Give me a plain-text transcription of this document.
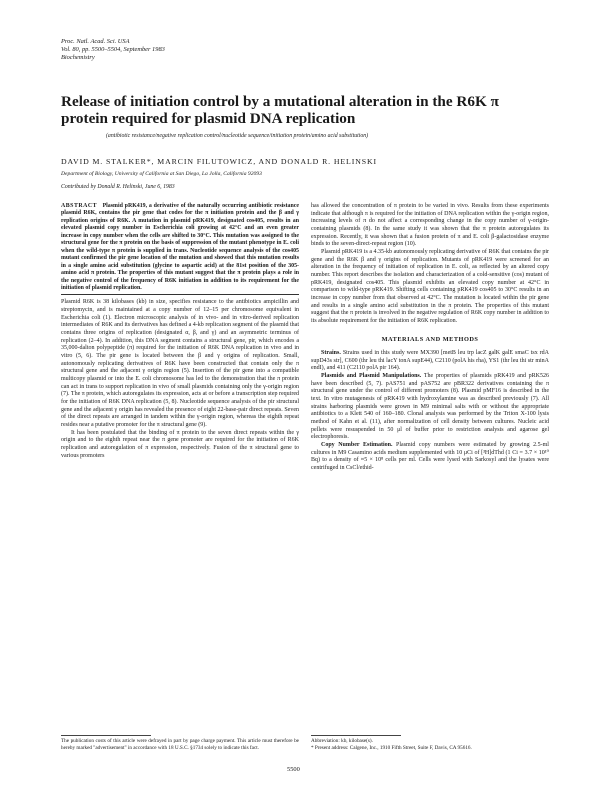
Proc. Natl. Acad. Sci. USA
Vol. 80, pp. 5500–5504, September 1983
Biochemistry
Release of initiation control by a mutational alteration in the R6K π protein required for plasmid DNA replication
(antibiotic resistance/negative replication control/nucleotide sequence/initiation protein/amino acid substitution)
DAVID M. STALKER*, MARCIN FILUTOWICZ, AND DONALD R. HELINSKI
Department of Biology, University of California at San Diego, La Jolla, California 92093
Contributed by Donald R. Helinski, June 6, 1983
ABSTRACT Plasmid pRK419, a derivative of the naturally occurring antibiotic resistance plasmid R6K, contains the pir gene that codes for the π initiation protein and the β and γ replication origins of R6K. A mutation in plasmid pRK419, designated cos405, results in an elevated plasmid copy number in Escherichia coli growing at 42°C and an even greater increase in copy number when the cells are shifted to 30°C. This mutation was assigned to the structural gene for the π protein on the basis of suppression of the mutant phenotype in E. coli when the wild-type π protein is supplied in trans. Nucleotide sequence analysis of the cos405 mutant confirmed the pir gene location of the mutation and showed that this mutation results in a single amino acid substitution (glycine to aspartic acid) at the 81st position of the 305-amino acid π protein. The properties of this mutant suggest that the π protein plays a role in the negative control of the frequency of R6K initiation in addition to its requirement for the initiation of plasmid replication.

Plasmid R6K is 38 kilobases (kb) in size, specifies resistance to the antibiotics ampicillin and streptomycin, and is maintained at a copy number of 12–15 per chromosome equivalent in Escherichia coli (1). Electron microscopic analysis of in vivo- and in vitro-derived replication intermediates of R6K and its derivatives has defined a 4-kb replication segment of the plasmid that contains three origins of replication (designated α, β, and γ) and an asymmetric terminus of replication (2–4). In addition, this DNA segment contains a structural gene, pir, which encodes a 35,000-dalton polypeptide (π) required for the initiation of R6K DNA replication in vivo and in vitro (5, 6). The pir gene is located between the β and γ origins of replication. Small, autonomously replicating derivatives of R6K have been constructed that contain only the π structural gene and the adjacent γ origin region (5). Insertion of the pir gene into a compatible multicopy plasmid or into the E. coli chromosome has led to the demonstration that the π protein can act in trans to support replication in vivo of small plasmids containing only the γ-origin region (7). The π protein, which autoregulates its expression, acts at or before a transcription step required for the initiation of R6K DNA replication (5, 8). Nucleotide sequence analysis of the pir structural gene and the adjacent γ origin has revealed the presence of eight 22-base-pair direct repeats. Seven of the direct repeats are arranged in tandem within the γ-origin region, whereas the eighth repeat resides near a putative promoter for the π structural gene (9).

It has been postulated that the binding of π protein to the seven direct repeats within the γ origin and to the eighth repeat near the π gene promoter are required for the initiation of R6K replication and autoregulation of π expression, respectively. Fusion of the π structural gene to various promoters

has allowed the concentration of π protein to be varied in vivo. Results from these experiments indicate that although π is required for the initiation of DNA replication within the γ-origin region, increasing levels of π do not affect a corresponding change in the copy number of γ-origin-containing plasmids (8). In the same study it was shown that the π protein autoregulates its expression. Recently, it was shown that a fusion protein of π and E. coli β-galactosidase enzyme binds to the seven-direct-repeat region (10).

Plasmid pRK419 is a 4.35-kb autonomously replicating derivative of R6K that contains the pir gene and the R6K β and γ origins of replication. Mutants of pRK419 were screened for an alteration in the frequency of initiation of replication in E. coli, as reflected by an altered copy number. This report describes the isolation and characterization of a cold-sensitive (cos) mutant of pRK419, designated cos405. This plasmid exhibits an elevated copy number at 42°C in comparison to wild-type pRK419. Shifting cells containing pRK419 cos405 to 30°C results in an increase in copy number from that observed at 42°C. The mutation is located within the pir gene and results in a single amino acid substitution in the π protein. The properties of this mutant suggest that the π protein is involved in the negative regulation of R6K copy number in addition to its absolute requirement for the initiation of R6K replication.

MATERIALS AND METHODS

Strains. Strains used in this study were MX390 [metB leu trp lacZ galK galE smaC tsx rdA supD43s str], C600 (thr leu thi lacY tonA supE44), C2110 (polA his rha), YS1 (thr leu thi str minA endI), and 411 (C2110 polA pir 164).

Plasmids and Plasmid Manipulations. The properties of plasmids pRK419 and pRK526 have been described (5, 7). pAS751 and pAS752 are pBR322 derivatives containing the π structural gene under the control of different promoters (8). Plasmid pMF16 is described in the text. In vitro mutagenesis of pRK419 with hydroxylamine was as described previously (7). All strains harboring plasmids were grown in M9 minimal salts with or without the appropriate antibiotics to a Klett 540 of 160–180. Clonal analysis was performed by the Triton X-100 lysis method of Kahn et al. (11), after normalization of cell density between cultures. Nucleic acid pellets were resuspended in 50 μl of buffer prior to restriction analysis and agarose gel electrophoresis.

Copy Number Estimation. Plasmid copy numbers were estimated by growing 2.5-ml cultures in M9 Casamino acids medium supplemented with 10 μCi of [³H]dThd (1 Ci = 3.7 × 10¹⁰ Bq) to a density of ≈5 × 10⁸ cells per ml. Cells were lysed with Sarkosyl and the lysates were centrifuged in CsCl/ethid-

The publication costs of this article were defrayed in part by page charge payment. This article must therefore be hereby marked "advertisement" in accordance with 18 U.S.C. §1734 solely to indicate this fact.
Abbreviation: kb, kilobase(s).
* Present address: Calgene, Inc., 1910 Fifth Street, Suite F, Davis, CA 95616.
5500
